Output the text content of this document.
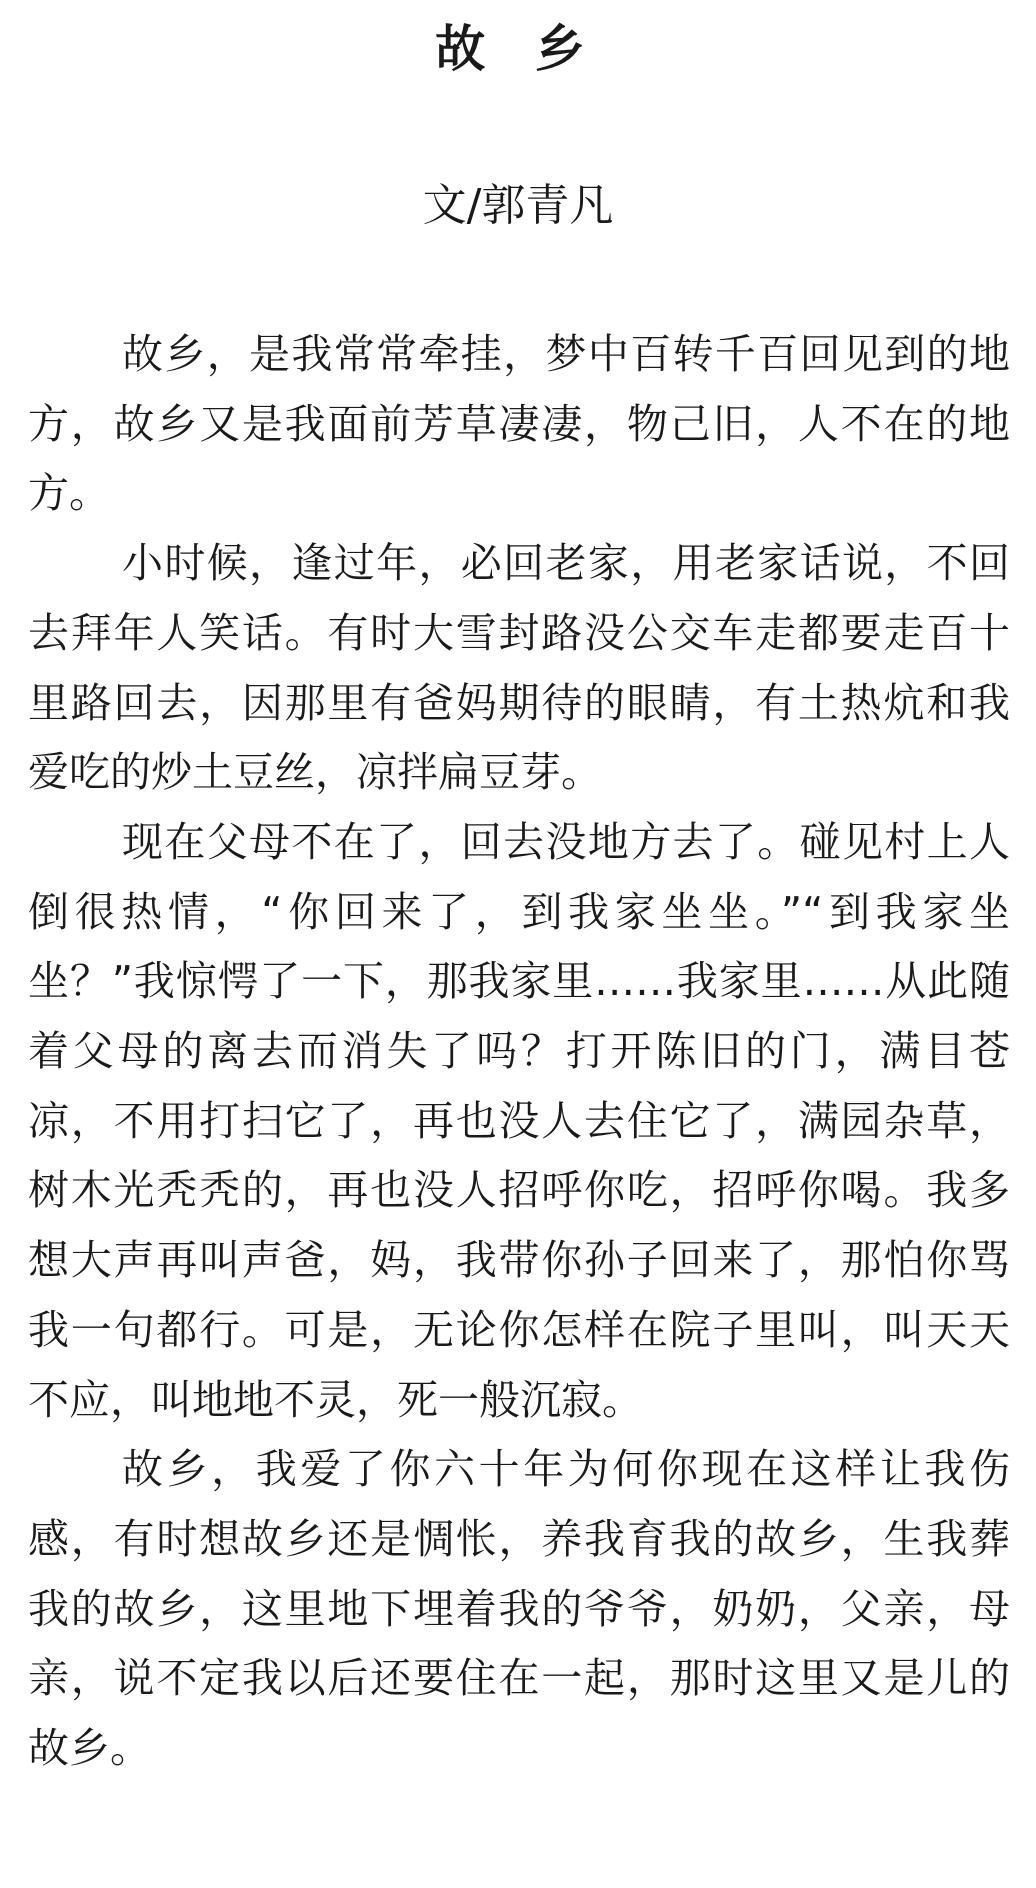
故 乡
文/郭青凡

故乡，是我常常牵挂，梦中百转千百回见到的地方，故乡又是我面前芳草凄凄，物己旧，人不在的地方。

小时候，逢过年，必回老家，用老家话说，不回去拜年人笑话。有时大雪封路没公交车走都要走百十里路回去，因那里有爸妈期待的眼睛，有土热炕和我爱吃的炒土豆丝，凉拌扁豆芽。

现在父母不在了，回去没地方去了。碰见村上人倒很热情，“你回来了，到我家坐坐。”“到我家坐坐？”我惊愕了一下，那我家里……我家里……从此随着父母的离去而消失了吗？打开陈旧的门，满目苍凉，不用打扫它了，再也没人去住它了，满园杂草，树木光秃秃的，再也没人招呼你吃，招呼你喝。我多想大声再叫声爸，妈，我带你孙子回来了，那怕你骂我一句都行。可是，无论你怎样在院子里叫，叫天天不应，叫地地不灵，死一般沉寂。

故乡，我爱了你六十年为何你现在这样让我伤感，有时想故乡还是惆怅，养我育我的故乡，生我葬我的故乡，这里地下埋着我的爷爷，奶奶，父亲，母亲，说不定我以后还要住在一起，那时这里又是儿的故乡。
